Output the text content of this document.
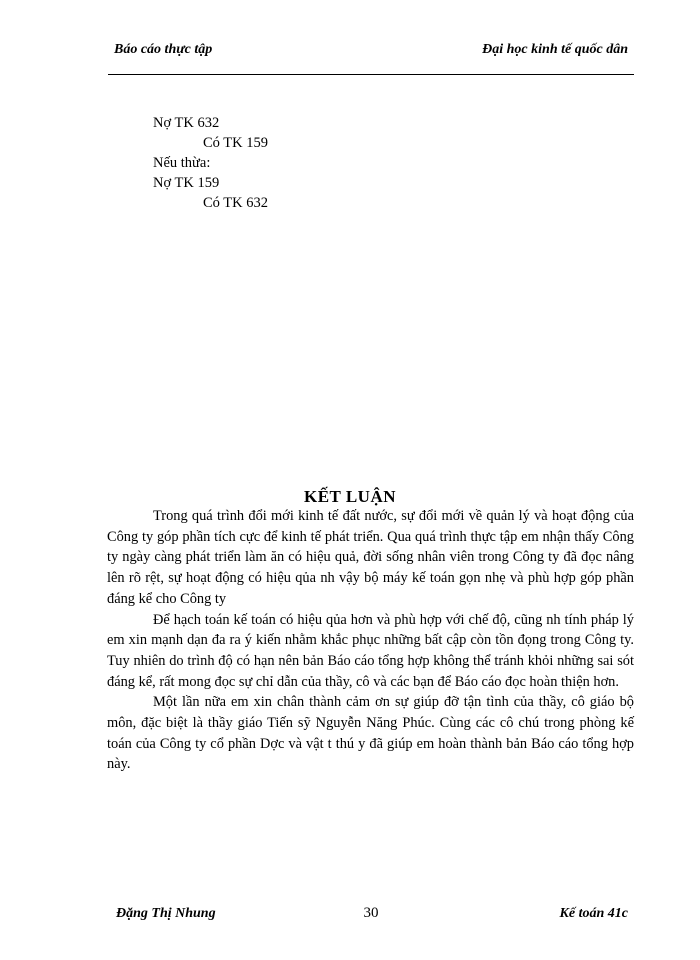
Báo cáo thực tập	Đại học kinh tế quốc dân
Nợ TK 632
Có TK 159
Nếu thừa:
Nợ TK 159
Có TK 632
KẾT LUẬN

Trong quá trình đổi mới kinh tế đất nước, sự đổi mới về quản lý và hoạt động của Công ty góp phần tích cực để kinh tế phát triển. Qua quá trình thực tập em nhận thấy Công ty ngày càng phát triển làm ăn có hiệu quả, đời sống nhân viên trong Công ty đã đọc nâng lên rõ rệt, sự hoạt động có hiệu qủa nh vậy bộ máy kế toán gọn nhẹ và phù hợp góp phần đáng kể cho Công ty

Để hạch toán kế toán có hiệu qủa hơn và phù hợp với chế độ, cũng nh tính pháp lý em xin mạnh dạn đa ra ý kiến nhằm khắc phục những bất cập còn tồn đọng trong Công ty. Tuy nhiên do trình độ có hạn nên bản Báo cáo tổng hợp không thể tránh khỏi những sai sót đáng kể, rất mong đọc sự chỉ dẫn của thầy, cô và các bạn để Báo cáo đọc hoàn thiện hơn.

Một lần nữa em xin chân thành cảm ơn sự giúp đỡ tận tình của thầy, cô giáo bộ môn, đặc biệt là thầy giáo Tiến sỹ Nguyễn Năng Phúc. Cùng các cô chú trong phòng kế toán của Công ty cổ phần Dợc và vật t thú y đã giúp em hoàn thành bản Báo cáo tổng hợp này.

Đặng Thị Nhung	30	Kế toán 41c
